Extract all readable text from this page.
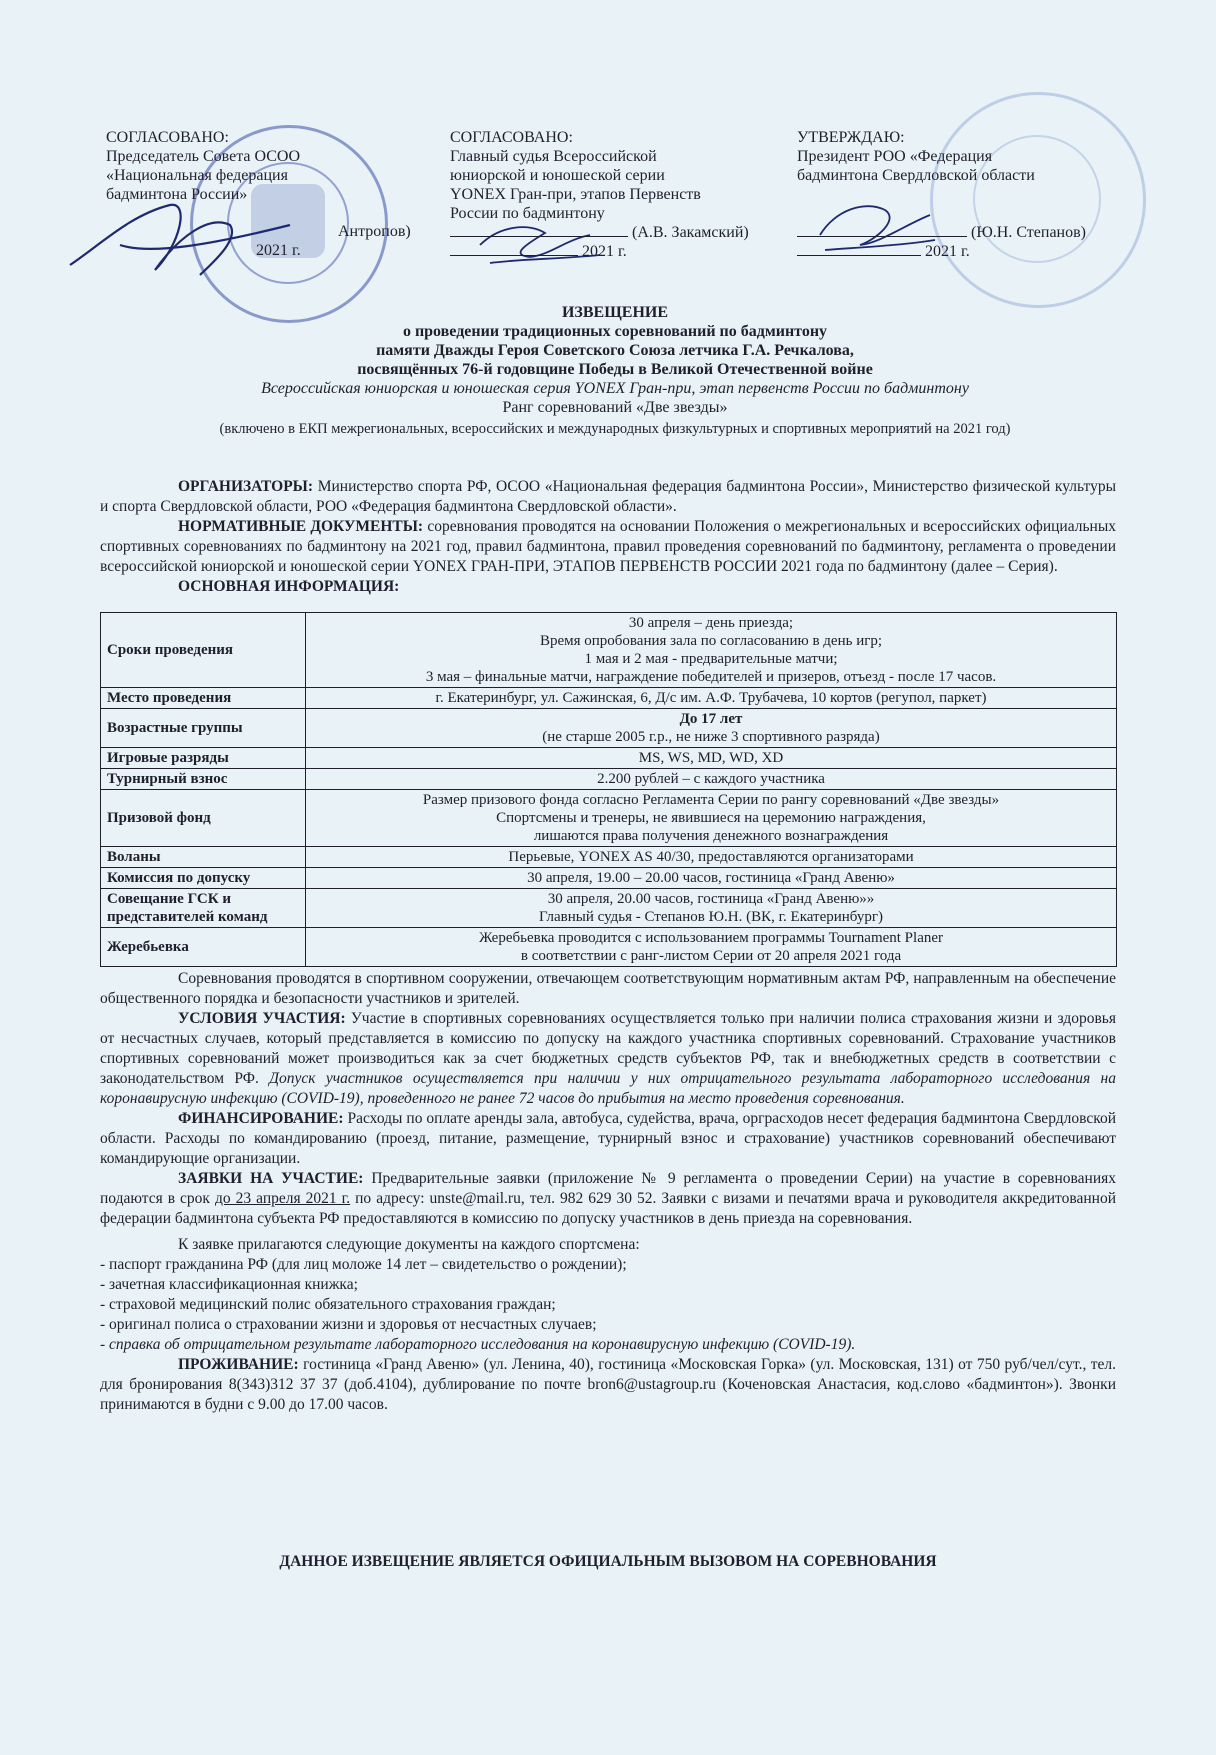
СОГЛАСОВАНО:
Председатель Совета ОСОО
«Национальная федерация
бадминтона России»
Антропов)
2021 г.
СОГЛАСОВАНО:
Главный судья Всероссийской
юниорской и юношеской серии
YONEX Гран-при, этапов Первенств
России по бадминтону
(А.В. Закамский)
2021 г.
УТВЕРЖДАЮ:
Президент РОО «Федерация
бадминтона Свердловской области
(Ю.Н. Степанов)
2021 г.
ИЗВЕЩЕНИЕ
о проведении традиционных соревнований по бадминтону
памяти Дважды Героя Советского Союза летчика Г.А. Речкалова,
посвящённых 76-й годовщине Победы в Великой Отечественной войне
Всероссийская юниорская и юношеская серия YONEX Гран-при, этап первенств России по бадминтону
Ранг соревнований «Две звезды»
(включено в ЕКП межрегиональных, всероссийских и международных физкультурных и спортивных мероприятий на 2021 год)

ОРГАНИЗАТОРЫ: Министерство спорта РФ, ОСОО «Национальная федерация бадминтона России», Министерство физической культуры и спорта Свердловской области, РОО «Федерация бадминтона Свердловской области».

НОРМАТИВНЫЕ ДОКУМЕНТЫ: соревнования проводятся на основании Положения о межрегиональных и всероссийских официальных спортивных соревнованиях по бадминтону на 2021 год, правил бадминтона, правил проведения соревнований по бадминтону, регламента о проведении всероссийской юниорской и юношеской серии YONEX ГРАН-ПРИ, ЭТАПОВ ПЕРВЕНСТВ РОССИИ 2021 года по бадминтону (далее – Серия).

ОСНОВНАЯ ИНФОРМАЦИЯ:

Сроки проведения	30 апреля – день приезда;
Время опробования зала по согласованию в день игр;
1 мая и 2 мая - предварительные матчи;
3 мая – финальные матчи, награждение победителей и призеров, отъезд - после 17 часов.

Место проведения	г. Екатеринбург, ул. Сажинская, 6, Д/с им. А.Ф. Трубачева, 10 кортов (регупол, паркет)

Возрастные группы	До 17 лет
(не старше 2005 г.р., не ниже 3 спортивного разряда)

Игровые разряды	MS, WS, MD, WD, XD

Турнирный взнос	2.200 рублей – с каждого участника

Призовой фонд	Размер призового фонда согласно Регламента Серии по рангу соревнований «Две звезды»
Спортсмены и тренеры, не явившиеся на церемонию награждения,
лишаются права получения денежного вознаграждения

Воланы	Перьевые, YONEX AS 40/30, предоставляются организаторами

Комиссия по допуску	30 апреля, 19.00 – 20.00 часов, гостиница «Гранд Авеню»

Совещание ГСК и представителей команд	30 апреля, 20.00 часов, гостиница «Гранд Авеню»»
Главный судья - Степанов Ю.Н. (ВК, г. Екатеринбург)

Жеребьевка	Жеребьевка проводится с использованием программы Tournament Planer
в соответствии с ранг-листом Серии от 20 апреля 2021 года

Соревнования проводятся в спортивном сооружении, отвечающем соответствующим нормативным актам РФ, направленным на обеспечение общественного порядка и безопасности участников и зрителей.

УСЛОВИЯ УЧАСТИЯ: Участие в спортивных соревнованиях осуществляется только при наличии полиса страхования жизни и здоровья от несчастных случаев, который представляется в комиссию по допуску на каждого участника спортивных соревнований. Страхование участников спортивных соревнований может производиться как за счет бюджетных средств субъектов РФ, так и внебюджетных средств в соответствии с законодательством РФ. Допуск участников осуществляется при наличии у них отрицательного результата лабораторного исследования на коронавирусную инфекцию (COVID-19), проведенного не ранее 72 часов до прибытия на место проведения соревнования.

ФИНАНСИРОВАНИЕ: Расходы по оплате аренды зала, автобуса, судейства, врача, орграсходов несет федерация бадминтона Свердловской области. Расходы по командированию (проезд, питание, размещение, турнирный взнос и страхование) участников соревнований обеспечивают командирующие организации.

ЗАЯВКИ НА УЧАСТИЕ: Предварительные заявки (приложение № 9 регламента о проведении Серии) на участие в соревнованиях подаются в срок до 23 апреля 2021 г. по адресу: unste@mail.ru, тел. 982 629 30 52. Заявки с визами и печатями врача и руководителя аккредитованной федерации бадминтона субъекта РФ предоставляются в комиссию по допуску участников в день приезда на соревнования.

К заявке прилагаются следующие документы на каждого спортсмена:

- паспорт гражданина РФ (для лиц моложе 14 лет – свидетельство о рождении);
- зачетная классификационная книжка;
- страховой медицинский полис обязательного страхования граждан;
- оригинал полиса о страховании жизни и здоровья от несчастных случаев;
- справка об отрицательном результате лабораторного исследования на коронавирусную инфекцию (COVID-19).

ПРОЖИВАНИЕ: гостиница «Гранд Авеню» (ул. Ленина, 40), гостиница «Московская Горка» (ул. Московская, 131) от 750 руб/чел/сут., тел. для бронирования 8(343)312 37 37 (доб.4104), дублирование по почте bron6@ustagroup.ru (Коченовская Анастасия, код.слово «бадминтон»). Звонки принимаются в будни с 9.00 до 17.00 часов.

ДАННОЕ ИЗВЕЩЕНИЕ ЯВЛЯЕТСЯ ОФИЦИАЛЬНЫМ ВЫЗОВОМ НА СОРЕВНОВАНИЯ
